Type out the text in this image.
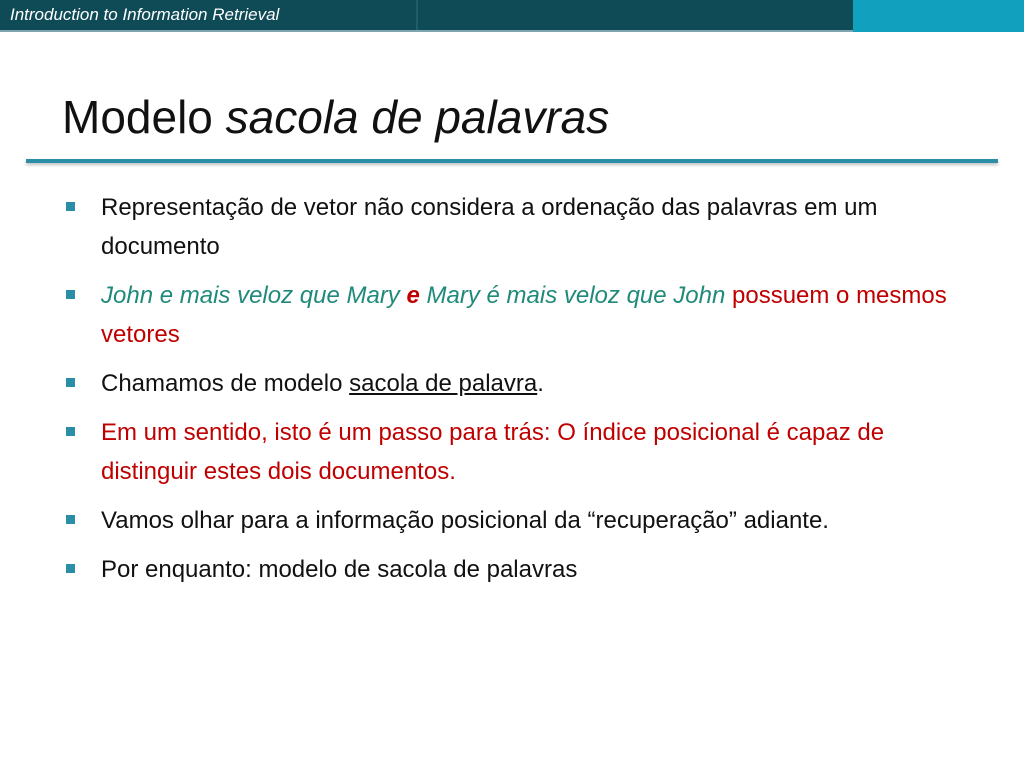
Introduction to Information Retrieval
Modelo sacola de palavras
Representação de vetor não considera a ordenação das palavras em um documento
John e mais veloz que Mary e Mary é mais veloz que John possuem o mesmos vetores
Chamamos de modelo sacola de palavra.
Em um sentido, isto é um passo para trás: O índice posicional é capaz de distinguir estes dois documentos.
Vamos olhar para a informação posicional da “recuperação” adiante.
Por enquanto: modelo de sacola de palavras
